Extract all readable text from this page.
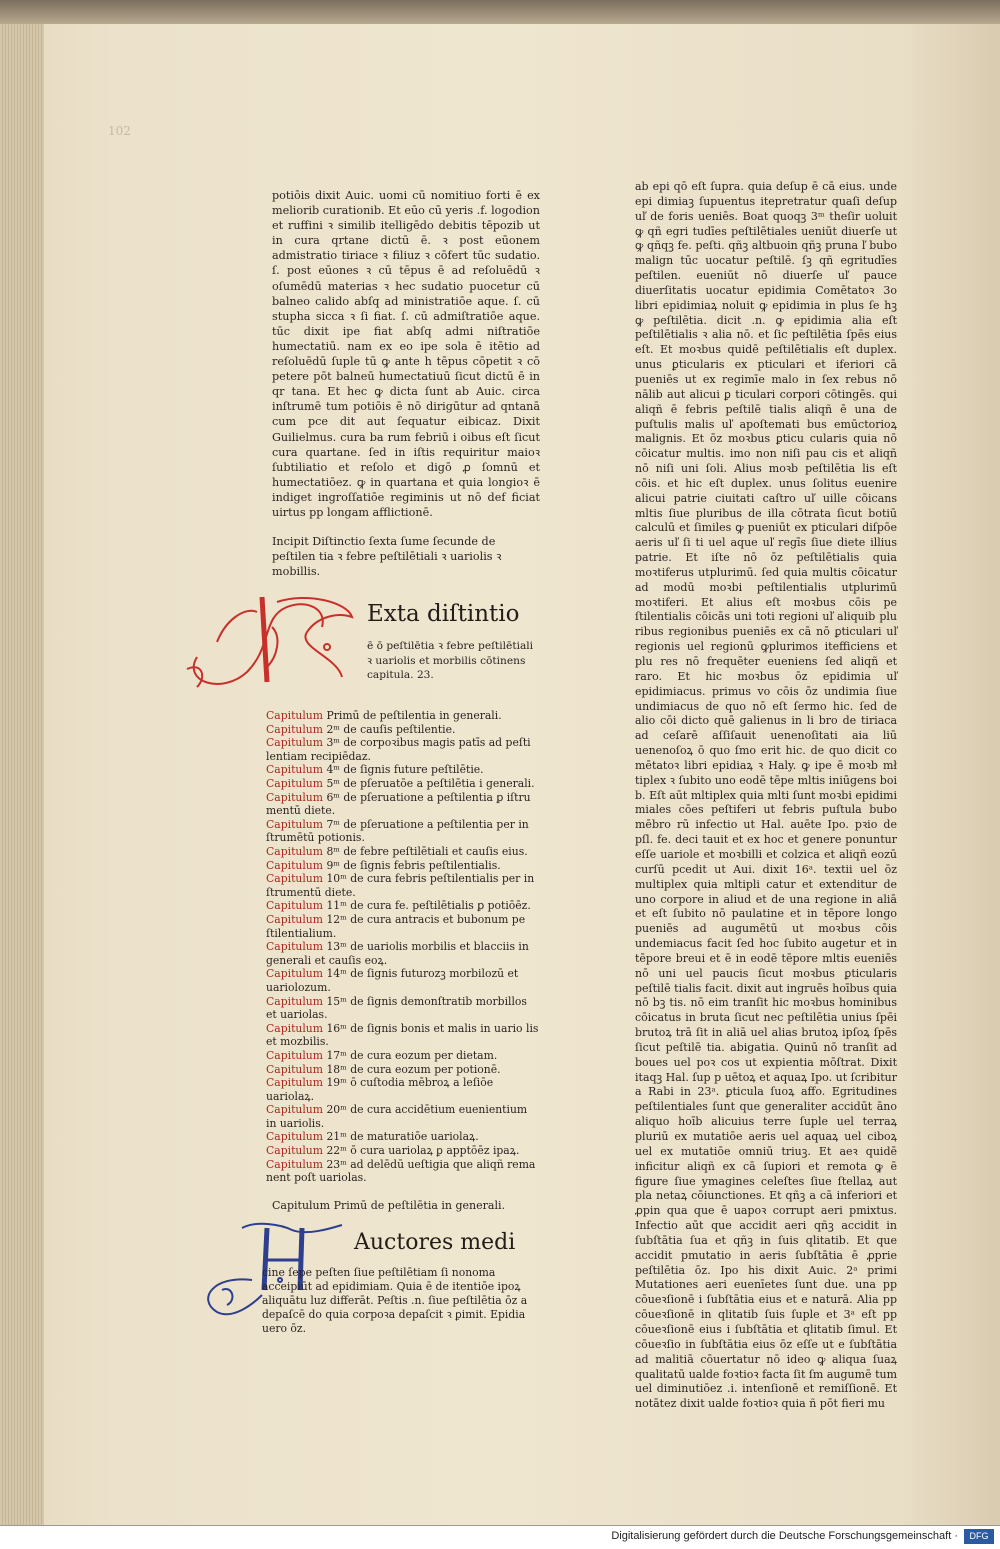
102

potiōis dixit Auic. uomi cū nomitiuo forti ē ex meliorib curationib. Et eūo cū yeris .f. logodion et ruffini ꝛ similib itelligēdo debitis tēpozib ut in cura qrtane dictū ē. ꝛ post eūonem admistratio tiriace ꝛ filiuz ꝛ cōfert tūc sudatio. ſ. post eūones ꝛ cū tēpus ē ad reſoluēdū ꝛ oſumēdū materias ꝛ hec sudatio puocetur cū balneo calido abſq ad ministratiōe aque. ſ. cū stupha sicca ꝛ ſi fiat. ſ. cū admiſtratiōe aque. tūc dixit ipe fiat abſq admi niſtratiōe humectatiū. nam ex eo ipe sola ē itētio ad reſoluēdū ſuple tū ꝙ ante h tēpus cōpetit ꝛ cō petere pōt balneū humectatiuū ſicut dictū ē in qr tana. Et hec ꝙ dicta ſunt ab Auic. circa inſtrumē tum potiōis ē nō dirigūtur ad qntanā cum pce dit aut ſequatur eibicaz. Dixit Guilielmus. cura ba rum febriū i oibus eſt ſicut cura quartane. ſed in iſtis requiritur maioꝛ ſubtiliatio et reſolo et digō ꝓ ſomnū et humectatiōez. ꝙ in quartana et quia longioꝛ ē indiget ingroſſatiōe regiminis ut nō def ficiat uirtus pp longam afflictionē.

Incipit Diſtinctio ſexta ſume ſecunde de peſtilen tia ꝛ febre peſtilētiali ꝛ uariolis ꝛ mobillis.

Exta diſtintio
ē ō peſtilētia ꝛ febre peſtilētiali ꝛ uariolis et morbilis cōtinens capitula. 23.
Capitulum Primū de peſtilentia in generali.
Capitulum 2ᵐ de cauſis peſtilentie.
Capitulum 3ᵐ de corpoꝛibus magis patīs ad peſti lentiam recipiēdaz.
Capitulum 4ᵐ de ſignis future peſtilētie.
Capitulum 5ᵐ de pſeruatōe a peſtilētia i generali.
Capitulum 6ᵐ de pſeruatione a peſtilentia ꝑ iſtru mentū diete.
Capitulum 7ᵐ de pſeruatione a peſtilentia per in ſtrumētū potionis.
Capitulum 8ᵐ de febre peſtilētiali et cauſis eius.
Capitulum 9ᵐ de ſignis febris peſtilentialis.
Capitulum 10ᵐ de cura febris peſtilentialis per in ſtrumentū diete.
Capitulum 11ᵐ de cura fe. peſtilētialis ꝑ potiōēz.
Capitulum 12ᵐ de cura antracis et bubonum pe ſtilentialium.
Capitulum 13ᵐ de uariolis morbilis et blacciis in generali et cauſis eoꝝ.
Capitulum 14ᵐ de ſignis futurozꝫ morbilozū et uariolozum.
Capitulum 15ᵐ de ſignis demonſtratib morbillos et uariolas.
Capitulum 16ᵐ de ſignis bonis et malis in uario lis et mozbilis.
Capitulum 17ᵐ de cura eozum per dietam.
Capitulum 18ᵐ de cura eozum per potionē.
Capitulum 19ᵐ ō cuſtodia mēbroꝝ a leſiōe uariolaꝝ.
Capitulum 20ᵐ de cura accidētium euenientium in uariolis.
Capitulum 21ᵐ de maturatiōe uariolaꝝ.
Capitulum 22ᵐ ō cura uariolaꝝ ꝑ apptōēz ipaꝝ.
Capitulum 23ᵐ ad delēdū ueſtigia que aliqñ rema nent poſt uariolas.

Capitulum Primū de peſtilētia in generali.

Auctores medi
cine ſepe peſten ſiue peſtilētiam ſi nonoma acceipiūt ad epidimiam. Quia ē de itentiōe ipoꝝ aliquātu luz differāt. Peſtis .n. ſiue peſtilētia ōz a depaſcē do quia corpoꝛa depaſcit ꝛ ꝑimit. Epidia uero ōz.

ab epi qō eſt ſupra. quia deſup ē cā eius. unde epi dimiaꝫ ſupuentus itepretratur quaſi deſup uľ de foris ueniēs. Boat quoqꝫ 3ᵐ theſir uoluit ꝙ qñ egri tudīes peſtilētiales ueniūt diuerſe ut ꝙ qñqꝫ fe. peſti. qñꝫ altbuoin qñꝫ pruna ľ bubo malign tūc uocatur peſtilē. ſꝫ qñ egritudīes peſtilen. eueniūt nō diuerſe uľ pauce diuerſitatis uocatur epidimia Comētatoꝛ 3o libri epidimiaꝝ noluit ꝙ epidimia in plus ſe hꝫ ꝙ peſtilētia. dicit .n. ꝙ epidimia alia eſt peſtilētialis ꝛ alia nō. et ſic peſtilētia ſpēs eius eſt. Et moꝛbus quidē peſtilētialis eſt duplex. unus ꝑticularis ex pticulari et iferiori cā pueniēs ut ex regimīe malo in ſex rebus nō nālib aut alicui ꝑ ticulari corpori cōtingēs. qui aliqñ ē febris peſtilē tialis aliqñ ē una de puſtulis malis uľ apoſtemati bus emūctorioꝝ malignis. Et ōz moꝛbus ꝑticu cularis quia nō cōicatur multis. imo non niſi pau cis et aliqñ nō niſi uni ſoli. Alius moꝛb peſtilētia lis eſt cōis. et hic eſt duplex. unus ſolitus euenire alicui patrie ciuitati caſtro uľ uille cōicans mltis ſiue pluribus de illa cōtrata ſicut botiū calculū et ſimiles ꝙ pueniūt ex pticulari diſpōe aeris uľ ſi ti uel aque uľ regīs ſiue diete illius patrie. Et iſte nō ōz peſtilētialis quia moꝛtiferus utplurimū. ſed quia multis cōicatur ad modū moꝛbi peſtilentialis utplurimū moꝛtiferi. Et alius eſt moꝛbus cōis pe ſtilentialis cōicās uni toti regioni uľ aliquib plu ribus regionibus pueniēs ex cā nō ꝑticulari uľ regionis uel regionū ꝙplurimos itefficiens et plu res nō frequēter eueniens ſed aliqñ et raro. Et hic moꝛbus ōz epidimia uľ epidimiacus. primus vo cōis ōz undimia ſiue undimiacus de quo nō eſt ſermo hic. ſed de alio cōi dicto quē galienus in li bro de tiriaca ad ceſarē aſſiſauit uenenoſitati aia liū uenenoſoꝝ ō quo ſmo erit hic. de quo dicit co mētatoꝛ libri epidiaꝝ ꝛ Haly. ꝙ ipe ē moꝛb mł tiplex ꝛ ſubito uno eodē tēpe mltis iniūgens boi b. Eſt aūt mltiplex quia mlti ſunt moꝛbi epidimi miales cōes peſtiferi ut febris puſtula bubo mēbro rū infectio ut Hal. auēte Ipo. pꝛio de pſl. fe. deci tauit et ex hoc et genere ponuntur eſſe uariole et moꝛbilli et colzica et aliqñ eozū curſū pcedit ut Aui. dixit 16ᵃ. textii uel ōz multiplex quia mltipli catur et extenditur de uno corpore in aliud et de una regione in aliā et eſt ſubito nō paulatine et in tēpore longo pueniēs ad augumētū ut moꝛbus cōis undemiacus facit ſed hoc ſubito augetur et in tēpore breui et ē in eodē tēpore mltis eueniēs nō uni uel paucis ſicut moꝛbus ꝑticularis peſtilē tialis facit. dixit aut ingruēs hoībus quia nō bꝫ tis. nō eim tranſit hic moꝛbus hominibus cōicatus in bruta ſicut nec peſtilētia unius ſpēi brutoꝝ trā ſit in aliā uel alias brutoꝝ ipſoꝝ ſpēs ſicut peſtilē tia. abigatia. Quinū nō tranſit ad boues uel poꝛ cos ut expientia mōſtrat. Dixit itaqꝫ Hal. ſup p uētoꝝ et aquaꝝ Ipo. ut ſcribitur a Rabi in 23ᵃ. ꝑticula ſuoꝝ affo. Egritudines peſtilentiales ſunt que generaliter accidūt āno aliquo hoīb alicuius terre ſuple uel terraꝝ pluriū ex mutatiōe aeris uel aquaꝝ uel ciboꝝ uel ex mutatiōe omniū triuꝫ. Et aeꝛ quidē inficitur aliqñ ex cā ſupiori et remota ꝙ ē figure ſiue ymagines celeſtes ſiue ſtellaꝝ aut pla netaꝝ cōiunctiones. Et qñꝫ a cā inferiori et ꝓpin qua que ē uapoꝛ corrupt aeri pmixtus. Infectio aūt que accidit aeri qñꝫ accidit in ſubſtātia ſua et qñꝫ in ſuis qlitatib. Et que accidit pmutatio in aeris ſubſtātia ē ꝓprie peſtilētia ōz. Ipo his dixit Auic. 2ᵃ primi Mutationes aeri euenīetes ſunt due. una pp cōueꝛſionē i ſubſtātia eius et e naturā. Alia pp cōueꝛſionē in qlitatib ſuis ſuple et 3ᵃ eſt pp cōueꝛſionē eius i ſubſtātia et qlitatib ſimul. Et cōueꝛſio in ſubſtātia eius ōz eſſe ut e ſubſtātia ad malitiā cōuertatur nō ideo ꝙ aliqua ſuaꝝ qualitatū ualde foꝛtioꝛ facta ſit ſm augumē tum uel diminutiōez .i. intenſionē et remiſſionē. Et notātez dixit ualde foꝛtioꝛ quia ñ pōt fieri mu

Digitalisierung gefördert durch die Deutsche Forschungsgemeinschaft ·	DFG
